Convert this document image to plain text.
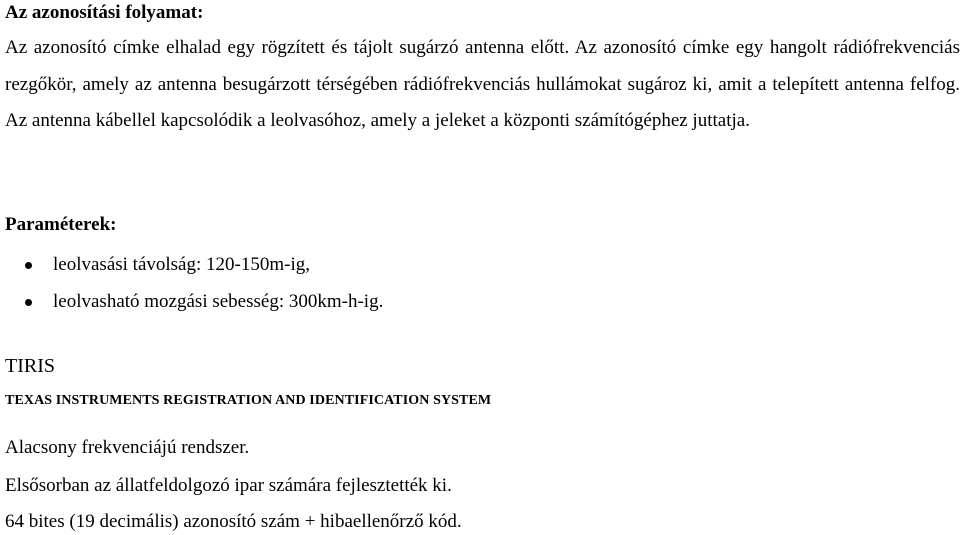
Az azonosítási folyamat:

Az azonosító címke elhalad egy rögzített és tájolt sugárzó antenna előtt. Az azonosító címke egy hangolt rádiófrekvenciás rezgőkör, amely az antenna besugárzott térségében rádiófrekvenciás hullámokat sugároz ki, amit a telepített antenna felfog. Az antenna kábellel kapcsolódik a leolvasóhoz, amely a jeleket a központi számítógéphez juttatja.

Paraméterek:
leolvasási távolság: 120-150m-ig,
leolvasható mozgási sebesség: 300km-h-ig.
TIRIS
TEXAS INSTRUMENTS REGISTRATION AND IDENTIFICATION SYSTEM
Alacsony frekvenciájú rendszer.
Elsősorban az állatfeldolgozó ipar számára fejlesztették ki.
64 bites (19 decimális) azonosító szám + hibaellenőrző kód.
